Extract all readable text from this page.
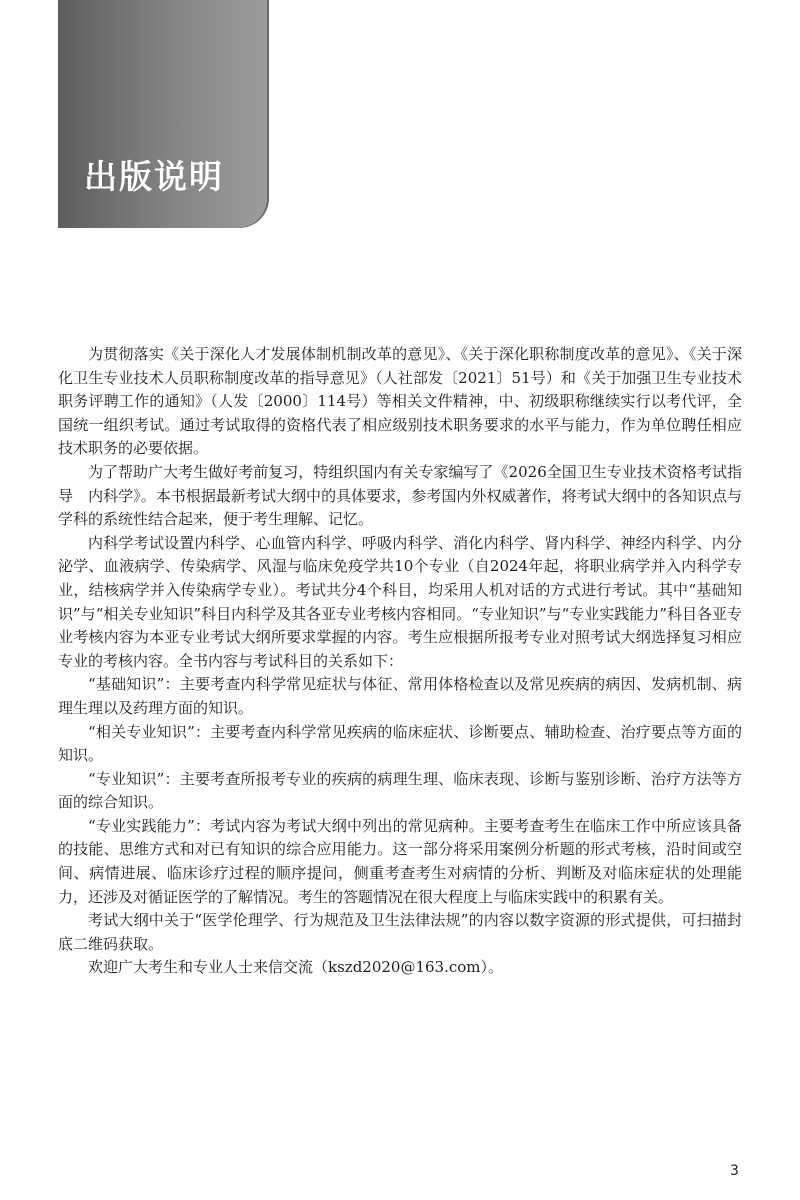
出版说明

为贯彻落实《关于深化人才发展体制机制改革的意见》、《关于深化职称制度改革的意见》、《关于深化卫生专业技术人员职称制度改革的指导意见》（人社部发〔2021〕51号）和《关于加强卫生专业技术职务评聘工作的通知》（人发〔2000〕114号）等相关文件精神，中、初级职称继续实行以考代评，全国统一组织考试。通过考试取得的资格代表了相应级别技术职务要求的水平与能力，作为单位聘任相应技术职务的必要依据。

为了帮助广大考生做好考前复习，特组织国内有关专家编写了《2026全国卫生专业技术资格考试指导　内科学》。本书根据最新考试大纲中的具体要求，参考国内外权威著作，将考试大纲中的各知识点与学科的系统性结合起来，便于考生理解、记忆。

内科学考试设置内科学、心血管内科学、呼吸内科学、消化内科学、肾内科学、神经内科学、内分泌学、血液病学、传染病学、风湿与临床免疫学共10个专业（自2024年起，将职业病学并入内科学专业，结核病学并入传染病学专业）。考试共分4个科目，均采用人机对话的方式进行考试。其中“基础知识”与“相关专业知识”科目内科学及其各亚专业考核内容相同。“专业知识”与“专业实践能力”科目各亚专业考核内容为本亚专业考试大纲所要求掌握的内容。考生应根据所报考专业对照考试大纲选择复习相应专业的考核内容。全书内容与考试科目的关系如下：

“基础知识”：主要考查内科学常见症状与体征、常用体格检查以及常见疾病的病因、发病机制、病理生理以及药理方面的知识。

“相关专业知识”：主要考查内科学常见疾病的临床症状、诊断要点、辅助检查、治疗要点等方面的知识。

“专业知识”：主要考查所报考专业的疾病的病理生理、临床表现、诊断与鉴别诊断、治疗方法等方面的综合知识。

“专业实践能力”：考试内容为考试大纲中列出的常见病种。主要考查考生在临床工作中所应该具备的技能、思维方式和对已有知识的综合应用能力。这一部分将采用案例分析题的形式考核，沿时间或空间、病情进展、临床诊疗过程的顺序提问，侧重考查考生对病情的分析、判断及对临床症状的处理能力，还涉及对循证医学的了解情况。考生的答题情况在很大程度上与临床实践中的积累有关。

考试大纲中关于“医学伦理学、行为规范及卫生法律法规”的内容以数字资源的形式提供，可扫描封底二维码获取。

欢迎广大考生和专业人士来信交流（kszd2020@163.com）。

3
